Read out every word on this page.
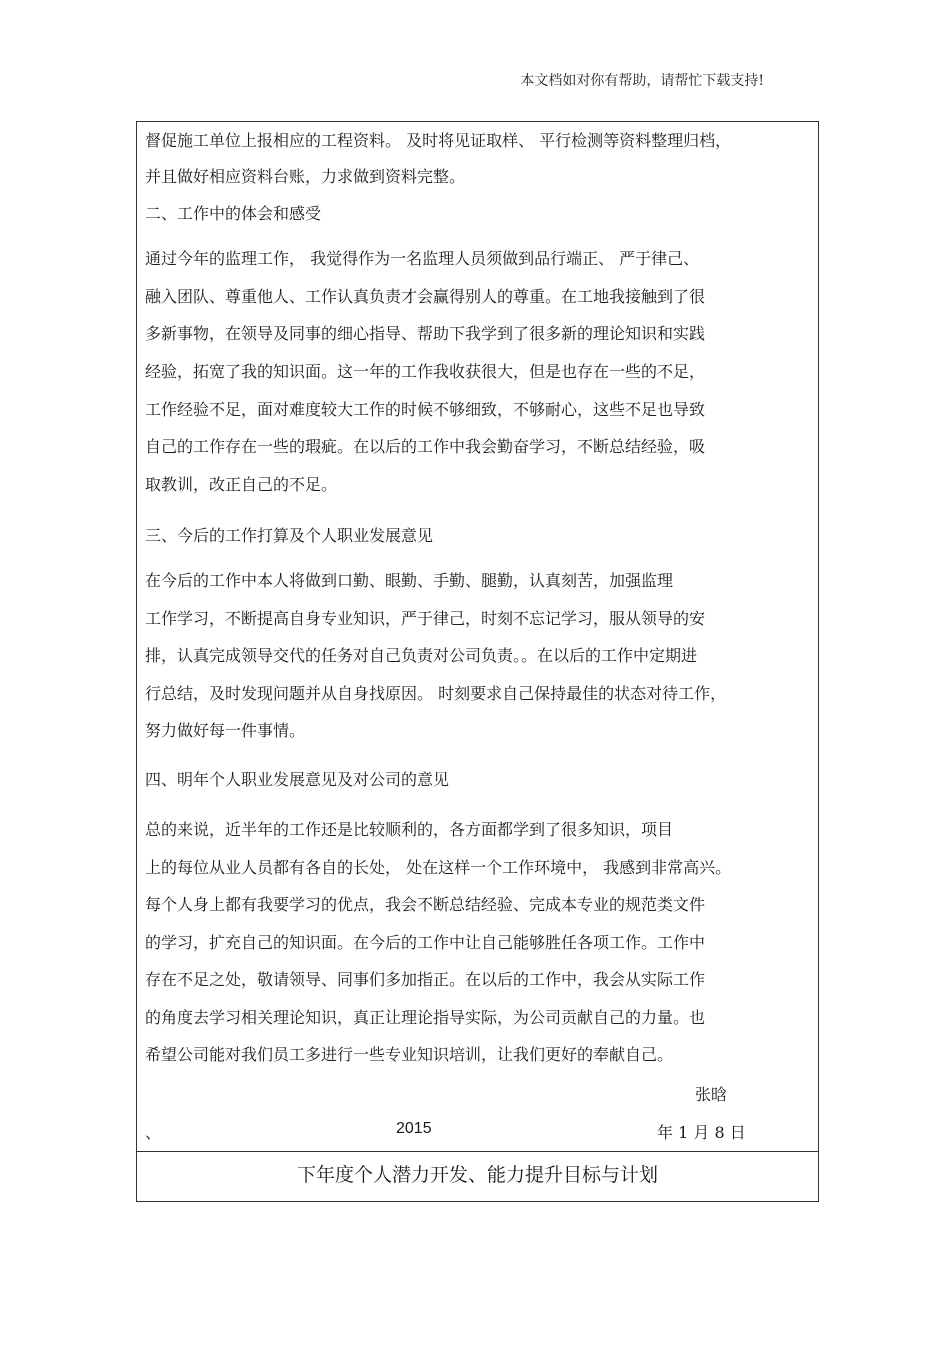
本文档如对你有帮助，请帮忙下载支持!
督促施工单位上报相应的工程资料。 及时将见证取样、 平行检测等资料整理归档，
并且做好相应资料台账，力求做到资料完整。
二、工作中的体会和感受
通过今年的监理工作， 我觉得作为一名监理人员须做到品行端正、 严于律己、
融入团队、尊重他人、工作认真负责才会赢得别人的尊重。在工地我接触到了很
多新事物，在领导及同事的细心指导、帮助下我学到了很多新的理论知识和实践
经验，拓宽了我的知识面。这一年的工作我收获很大，但是也存在一些的不足，
工作经验不足，面对难度较大工作的时候不够细致，不够耐心，这些不足也导致
自己的工作存在一些的瑕疵。在以后的工作中我会勤奋学习，不断总结经验，吸
取教训，改正自己的不足。
三、今后的工作打算及个人职业发展意见
在今后的工作中本人将做到口勤、眼勤、手勤、腿勤，认真刻苦，加强监理
工作学习，不断提高自身专业知识，严于律己，时刻不忘记学习，服从领导的安
排，认真完成领导交代的任务对自己负责对公司负责。。在以后的工作中定期进
行总结，及时发现问题并从自身找原因。 时刻要求自己保持最佳的状态对待工作，
努力做好每一件事情。
四、明年个人职业发展意见及对公司的意见
总的来说，近半年的工作还是比较顺利的，各方面都学到了很多知识，项目
上的每位从业人员都有各自的长处， 处在这样一个工作环境中， 我感到非常高兴。
每个人身上都有我要学习的优点，我会不断总结经验、完成本专业的规范类文件
的学习，扩充自己的知识面。在今后的工作中让自己能够胜任各项工作。工作中
存在不足之处，敬请领导、同事们多加指正。在以后的工作中，我会从实际工作
的角度去学习相关理论知识，真正让理论指导实际，为公司贡献自己的力量。也
希望公司能对我们员工多进行一些专业知识培训，让我们更好的奉献自己。
张晗
、	2015	年 1 月 8 日
下年度个人潜力开发、能力提升目标与计划
